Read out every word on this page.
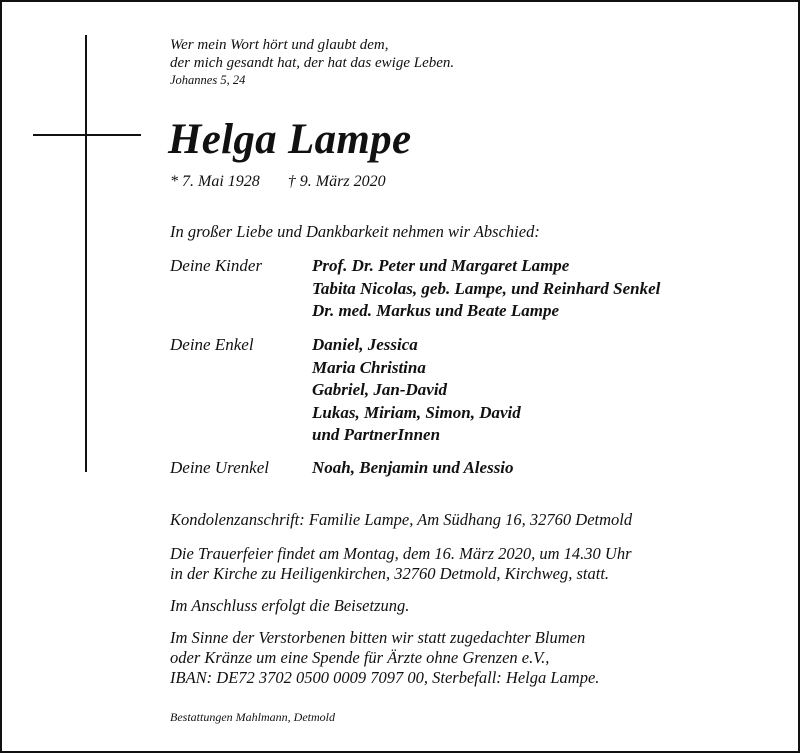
Wer mein Wort hört und glaubt dem,
der mich gesandt hat, der hat das ewige Leben.
Johannes 5, 24
Helga Lampe
* 7. Mai 1928 † 9. März 2020
In großer Liebe und Dankbarkeit nehmen wir Abschied:
Deine Kinder	Prof. Dr. Peter und Margaret Lampe
Tabita Nicolas, geb. Lampe, und Reinhard Senkel
Dr. med. Markus und Beate Lampe
Deine Enkel	Daniel, Jessica
Maria Christina
Gabriel, Jan-David
Lukas, Miriam, Simon, David
und PartnerInnen
Deine Urenkel	Noah, Benjamin und Alessio
Kondolenzanschrift: Familie Lampe, Am Südhang 16, 32760 Detmold
Die Trauerfeier findet am Montag, dem 16. März 2020, um 14.30 Uhr
in der Kirche zu Heiligenkirchen, 32760 Detmold, Kirchweg, statt.
Im Anschluss erfolgt die Beisetzung.
Im Sinne der Verstorbenen bitten wir statt zugedachter Blumen
oder Kränze um eine Spende für Ärzte ohne Grenzen e.V.,
IBAN: DE72 3702 0500 0009 7097 00, Sterbefall: Helga Lampe.
Bestattungen Mahlmann, Detmold
